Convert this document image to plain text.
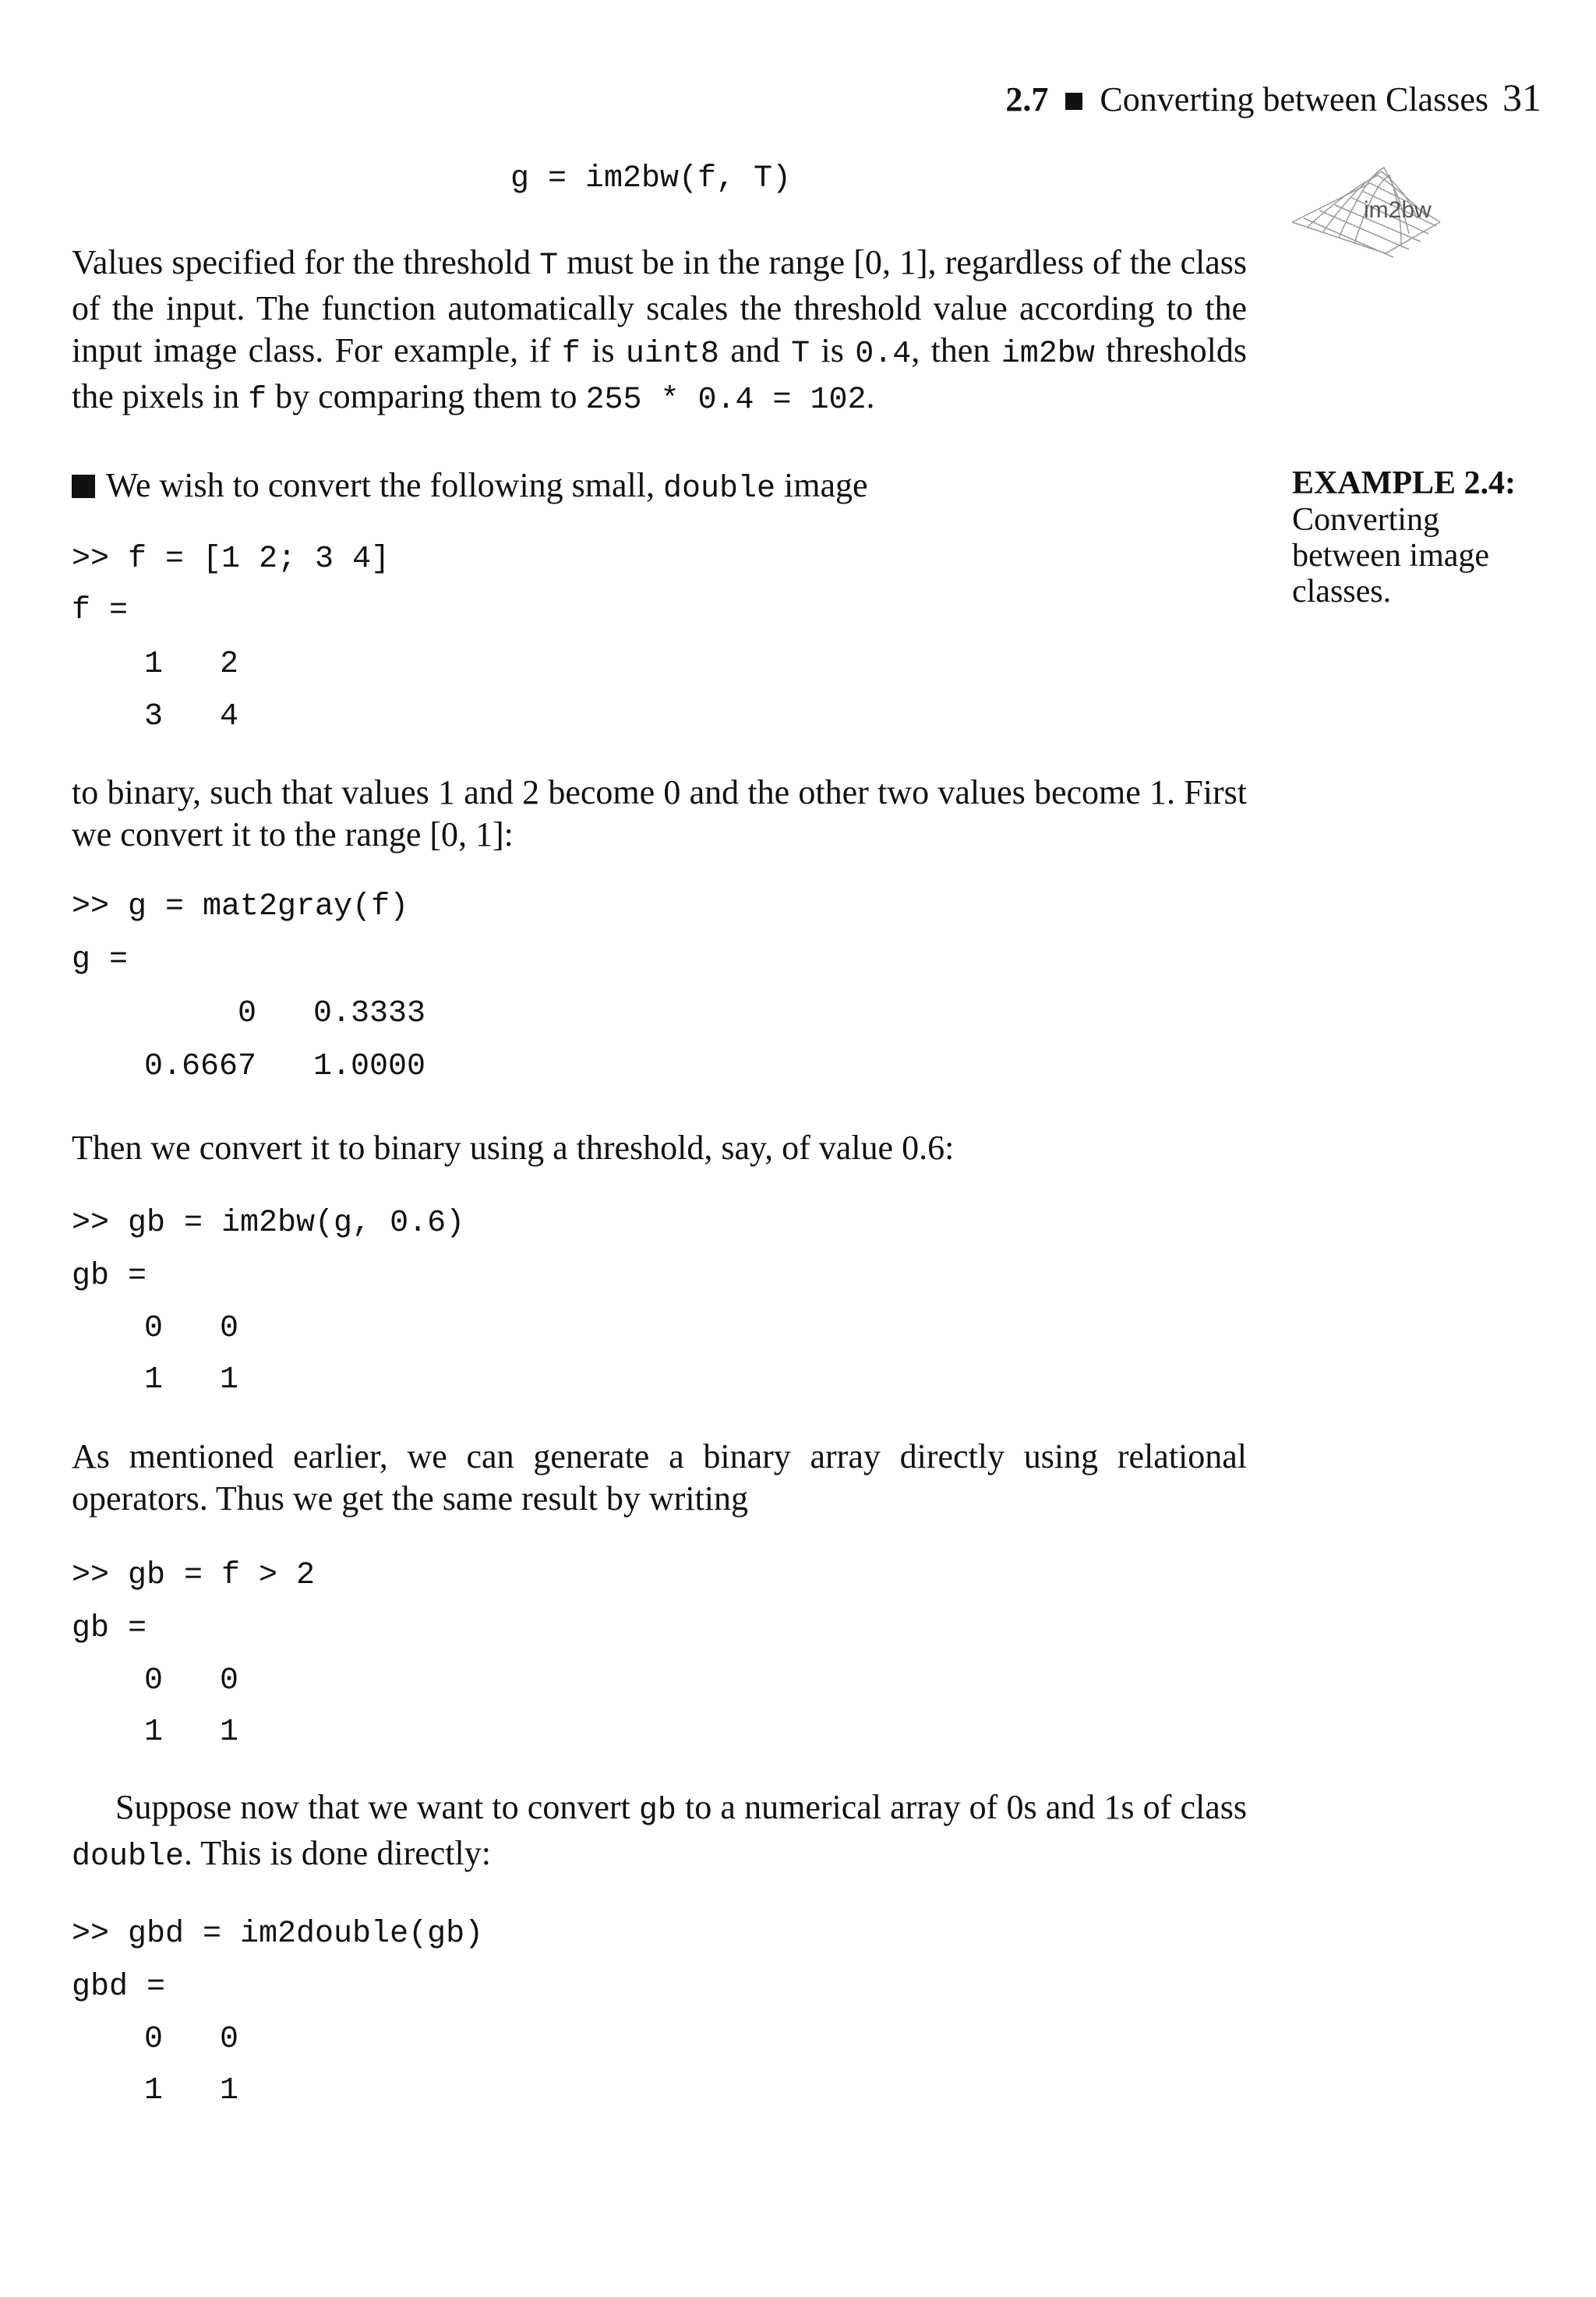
2.7 Converting between Classes 31
im2bw
g = im2bw(f, T)
Values specified for the threshold T must be in the range [0, 1], regardless of the class of the input. The function automatically scales the threshold value according to the input image class. For example, if f is uint8 and T is 0.4, then im2bw thresholds the pixels in f by comparing them to 255 * 0.4 = 102.
EXAMPLE 2.4:
Converting
between image
classes.
We wish to convert the following small, double image
>> f = [1 2; 3 4]
f =
1 2
3 4
to binary, such that values 1 and 2 become 0 and the other two values become 1. First we convert it to the range [0, 1]:
>> g = mat2gray(f)
g =
0 0.3333
0.6667 1.0000
Then we convert it to binary using a threshold, say, of value 0.6:
>> gb = im2bw(g, 0.6)
gb =
0 0
1 1
As mentioned earlier, we can generate a binary array directly using relational operators. Thus we get the same result by writing
>> gb = f > 2
gb =
0 0
1 1
Suppose now that we want to convert gb to a numerical array of 0s and 1s of class double. This is done directly:
>> gbd = im2double(gb)
gbd =
0 0
1 1
